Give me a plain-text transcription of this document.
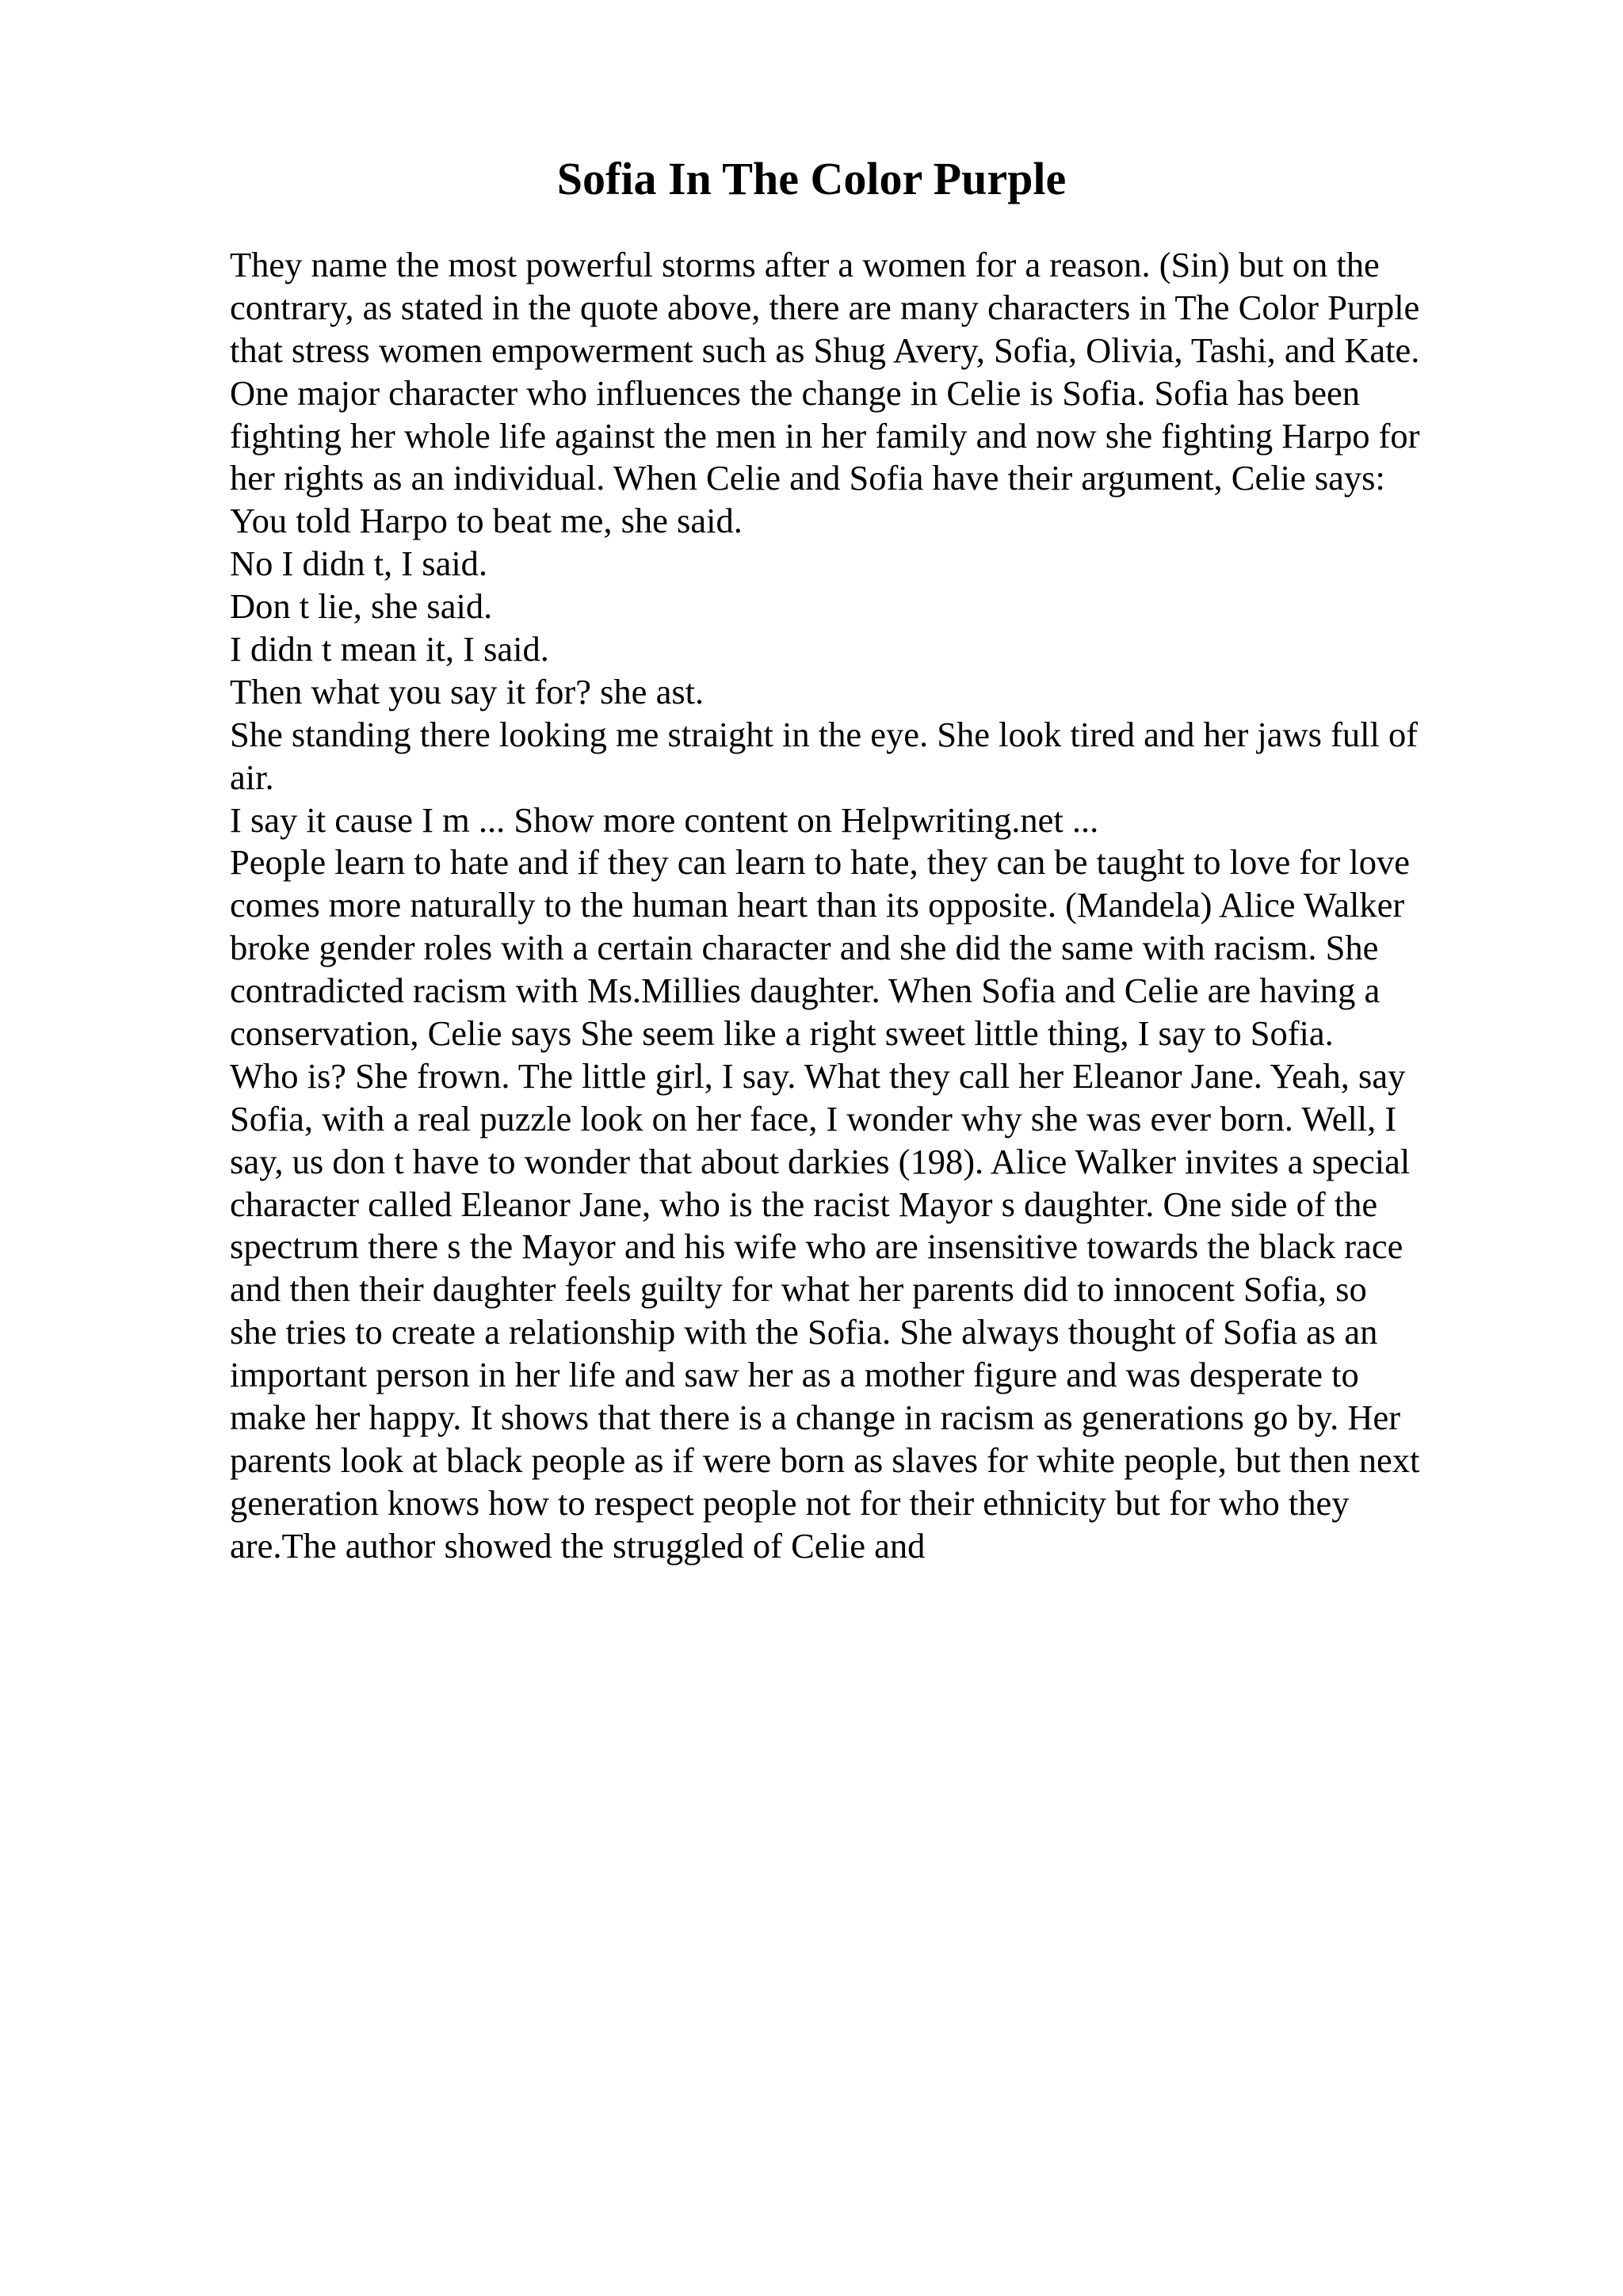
Sofia In The Color Purple
They name the most powerful storms after a women for a reason. (Sin) but on the
contrary, as stated in the quote above, there are many characters in The Color Purple
that stress women empowerment such as Shug Avery, Sofia, Olivia, Tashi, and Kate.
One major character who influences the change in Celie is Sofia. Sofia has been
fighting her whole life against the men in her family and now she fighting Harpo for
her rights as an individual. When Celie and Sofia have their argument, Celie says:
You told Harpo to beat me, she said.
No I didn t, I said.
Don t lie, she said.
I didn t mean it, I said.
Then what you say it for? she ast.
She standing there looking me straight in the eye. She look tired and her jaws full of
air.
I say it cause I m ... Show more content on Helpwriting.net ...
People learn to hate and if they can learn to hate, they can be taught to love for love
comes more naturally to the human heart than its opposite. (Mandela) Alice Walker
broke gender roles with a certain character and she did the same with racism. She
contradicted racism with Ms.Millies daughter. When Sofia and Celie are having a
conservation, Celie says She seem like a right sweet little thing, I say to Sofia.
Who is? She frown. The little girl, I say. What they call her Eleanor Jane. Yeah, say
Sofia, with a real puzzle look on her face, I wonder why she was ever born. Well, I
say, us don t have to wonder that about darkies (198). Alice Walker invites a special
character called Eleanor Jane, who is the racist Mayor s daughter. One side of the
spectrum there s the Mayor and his wife who are insensitive towards the black race
and then their daughter feels guilty for what her parents did to innocent Sofia, so
she tries to create a relationship with the Sofia. She always thought of Sofia as an
important person in her life and saw her as a mother figure and was desperate to
make her happy. It shows that there is a change in racism as generations go by. Her
parents look at black people as if were born as slaves for white people, but then next
generation knows how to respect people not for their ethnicity but for who they
are.The author showed the struggled of Celie and
